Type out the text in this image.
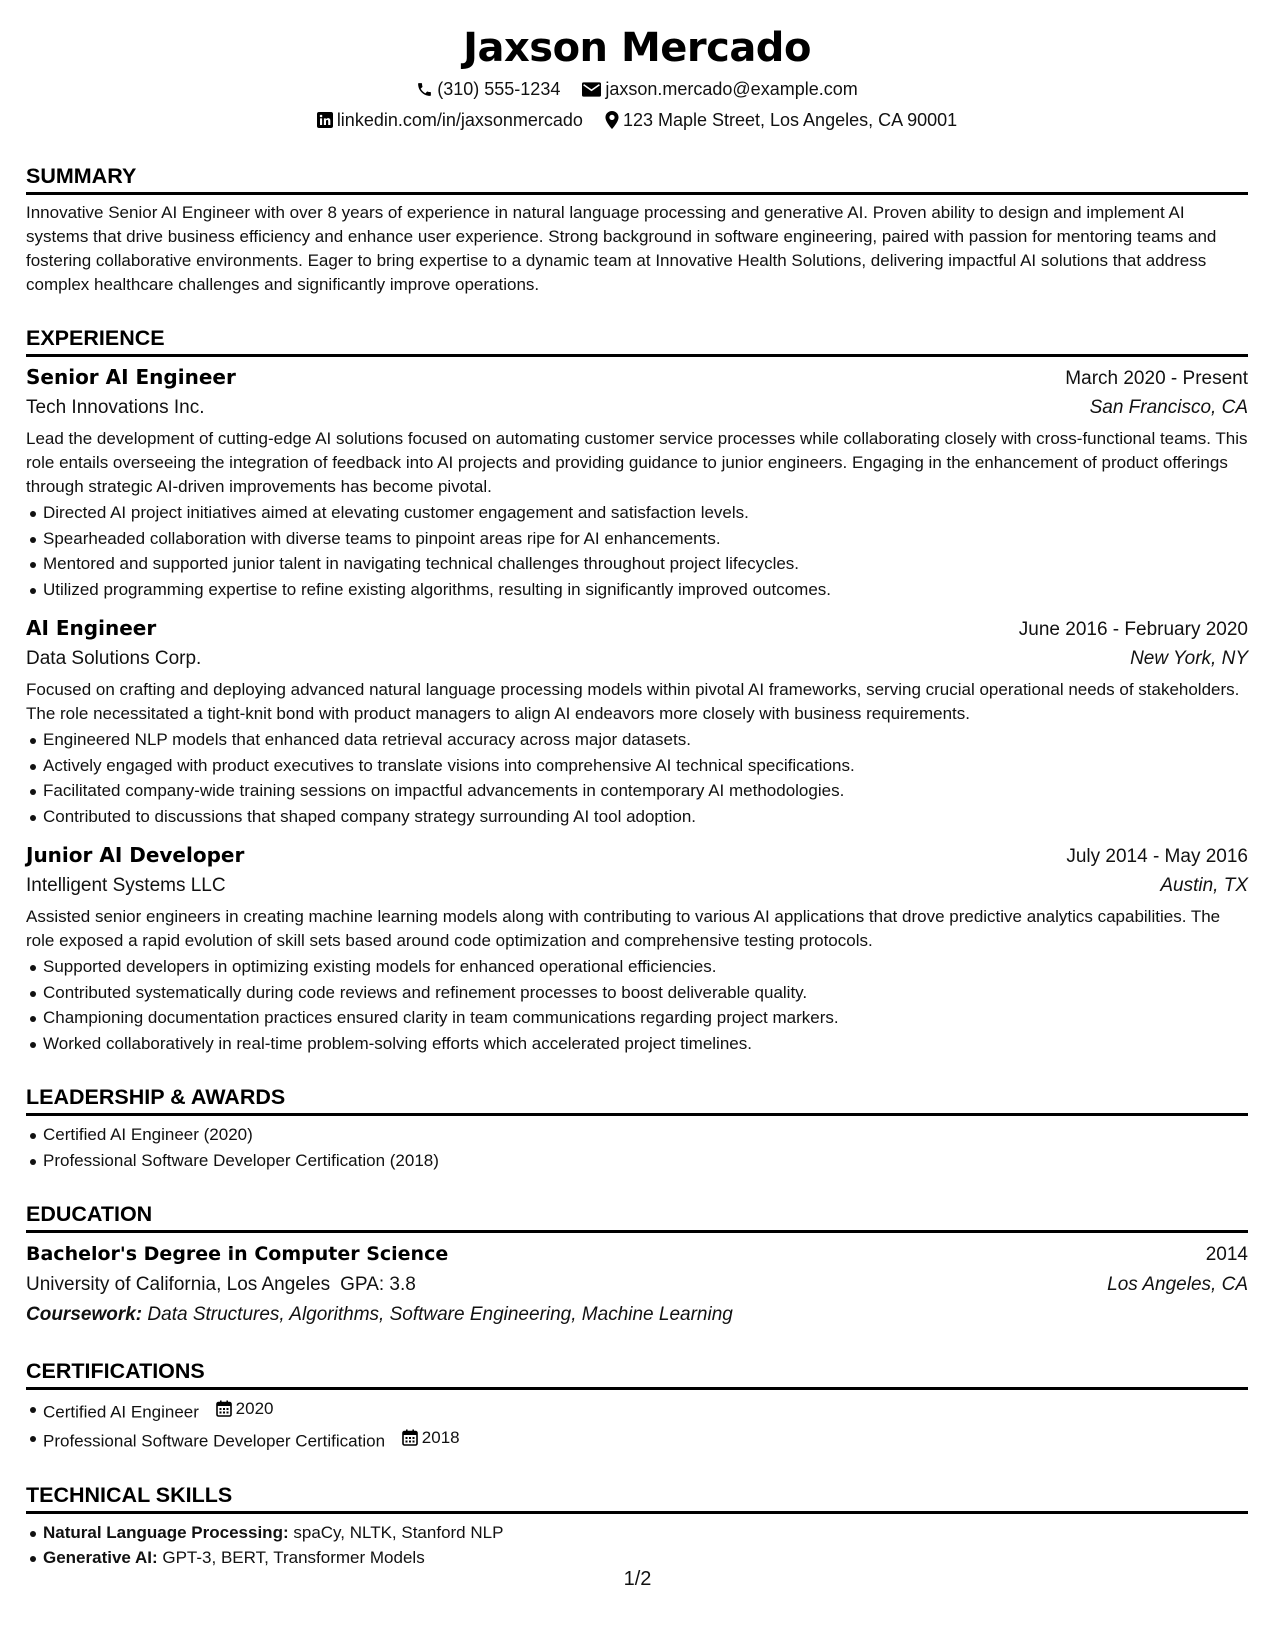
Jaxson Mercado
(310) 555-1234	jaxson.mercado@example.com
linkedin.com/in/jaxsonmercado 123 Maple Street, Los Angeles, CA 90001
SUMMARY

Innovative Senior AI Engineer with over 8 years of experience in natural language processing and generative AI. Proven ability to design and implement AI systems that drive business efficiency and enhance user experience. Strong background in software engineering, paired with passion for mentoring teams and fostering collaborative environments. Eager to bring expertise to a dynamic team at Innovative Health Solutions, delivering impactful AI solutions that address complex healthcare challenges and significantly improve operations.

EXPERIENCE
Senior AI Engineer	March 2020 - Present
Tech Innovations Inc.	San Francisco, CA

Lead the development of cutting-edge AI solutions focused on automating customer service processes while collaborating closely with cross-functional teams. This role entails overseeing the integration of feedback into AI projects and providing guidance to junior engineers. Engaging in the enhancement of product offerings through strategic AI-driven improvements has become pivotal.

Directed AI project initiatives aimed at elevating customer engagement and satisfaction levels.
Spearheaded collaboration with diverse teams to pinpoint areas ripe for AI enhancements.
Mentored and supported junior talent in navigating technical challenges throughout project lifecycles.
Utilized programming expertise to refine existing algorithms, resulting in significantly improved outcomes.
AI Engineer	June 2016 - February 2020
Data Solutions Corp.	New York, NY

Focused on crafting and deploying advanced natural language processing models within pivotal AI frameworks, serving crucial operational needs of stakeholders. The role necessitated a tight-knit bond with product managers to align AI endeavors more closely with business requirements.

Engineered NLP models that enhanced data retrieval accuracy across major datasets.
Actively engaged with product executives to translate visions into comprehensive AI technical specifications.
Facilitated company-wide training sessions on impactful advancements in contemporary AI methodologies.
Contributed to discussions that shaped company strategy surrounding AI tool adoption.
Junior AI Developer	July 2014 - May 2016
Intelligent Systems LLC	Austin, TX

Assisted senior engineers in creating machine learning models along with contributing to various AI applications that drove predictive analytics capabilities. The role exposed a rapid evolution of skill sets based around code optimization and comprehensive testing protocols.

Supported developers in optimizing existing models for enhanced operational efficiencies.
Contributed systematically during code reviews and refinement processes to boost deliverable quality.
Championing documentation practices ensured clarity in team communications regarding project markers.
Worked collaboratively in real-time problem-solving efforts which accelerated project timelines.
LEADERSHIP & AWARDS
Certified AI Engineer (2020)
Professional Software Developer Certification (2018)
EDUCATION
Bachelor's Degree in Computer Science	2014
University of California, Los Angeles GPA: 3.8	Los Angeles, CA
Coursework: Data Structures, Algorithms, Software Engineering, Machine Learning
CERTIFICATIONS
Certified AI Engineer 2020
Professional Software Developer Certification 2018
TECHNICAL SKILLS
Natural Language Processing: spaCy, NLTK, Stanford NLP
Generative AI: GPT-3, BERT, Transformer Models
1/2
